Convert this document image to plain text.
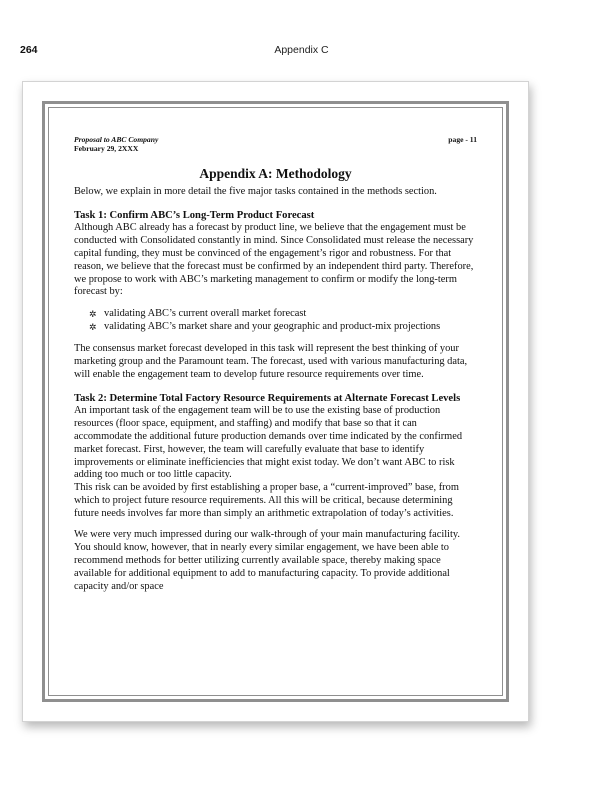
264	Appendix C
Proposal to ABC Company
February 29, 2XXX
page - 11
Appendix A: Methodology

Below, we explain in more detail the five major tasks contained in the methods section.

Task 1: Confirm ABC’s Long-Term Product Forecast

Although ABC already has a forecast by product line, we believe that the engagement must be conducted with Consolidated constantly in mind. Since Consolidated must release the necessary capital funding, they must be convinced of the engagement’s rigor and robustness. For that reason, we believe that the forecast must be confirmed by an independent third party. Therefore, we propose to work with ABC’s marketing management to confirm or modify the long-term forecast by:

✲ validating ABC’s current overall market forecast
✲ validating ABC’s market share and your geographic and product-mix projections

The consensus market forecast developed in this task will represent the best thinking of your marketing group and the Paramount team. The forecast, used with various manufacturing data, will enable the engagement team to develop future resource requirements over time.

Task 2: Determine Total Factory Resource Requirements at Alternate Forecast Levels

An important task of the engagement team will be to use the existing base of production resources (floor space, equipment, and staffing) and modify that base so that it can accommodate the additional future production demands over time indicated by the confirmed market forecast. First, however, the team will carefully evaluate that base to identify improvements or eliminate inefficiencies that might exist today. We don’t want ABC to risk adding too much or too little capacity.

This risk can be avoided by first establishing a proper base, a “current-improved” base, from which to project future resource requirements. All this will be critical, because determining future needs involves far more than simply an arithmetic extrapolation of today’s activities.

We were very much impressed during our walk-through of your main manufacturing facility. You should know, however, that in nearly every similar engagement, we have been able to recommend methods for better utilizing currently available space, thereby making space available for additional equipment to add to manufacturing capacity. To provide additional capacity and/or space
